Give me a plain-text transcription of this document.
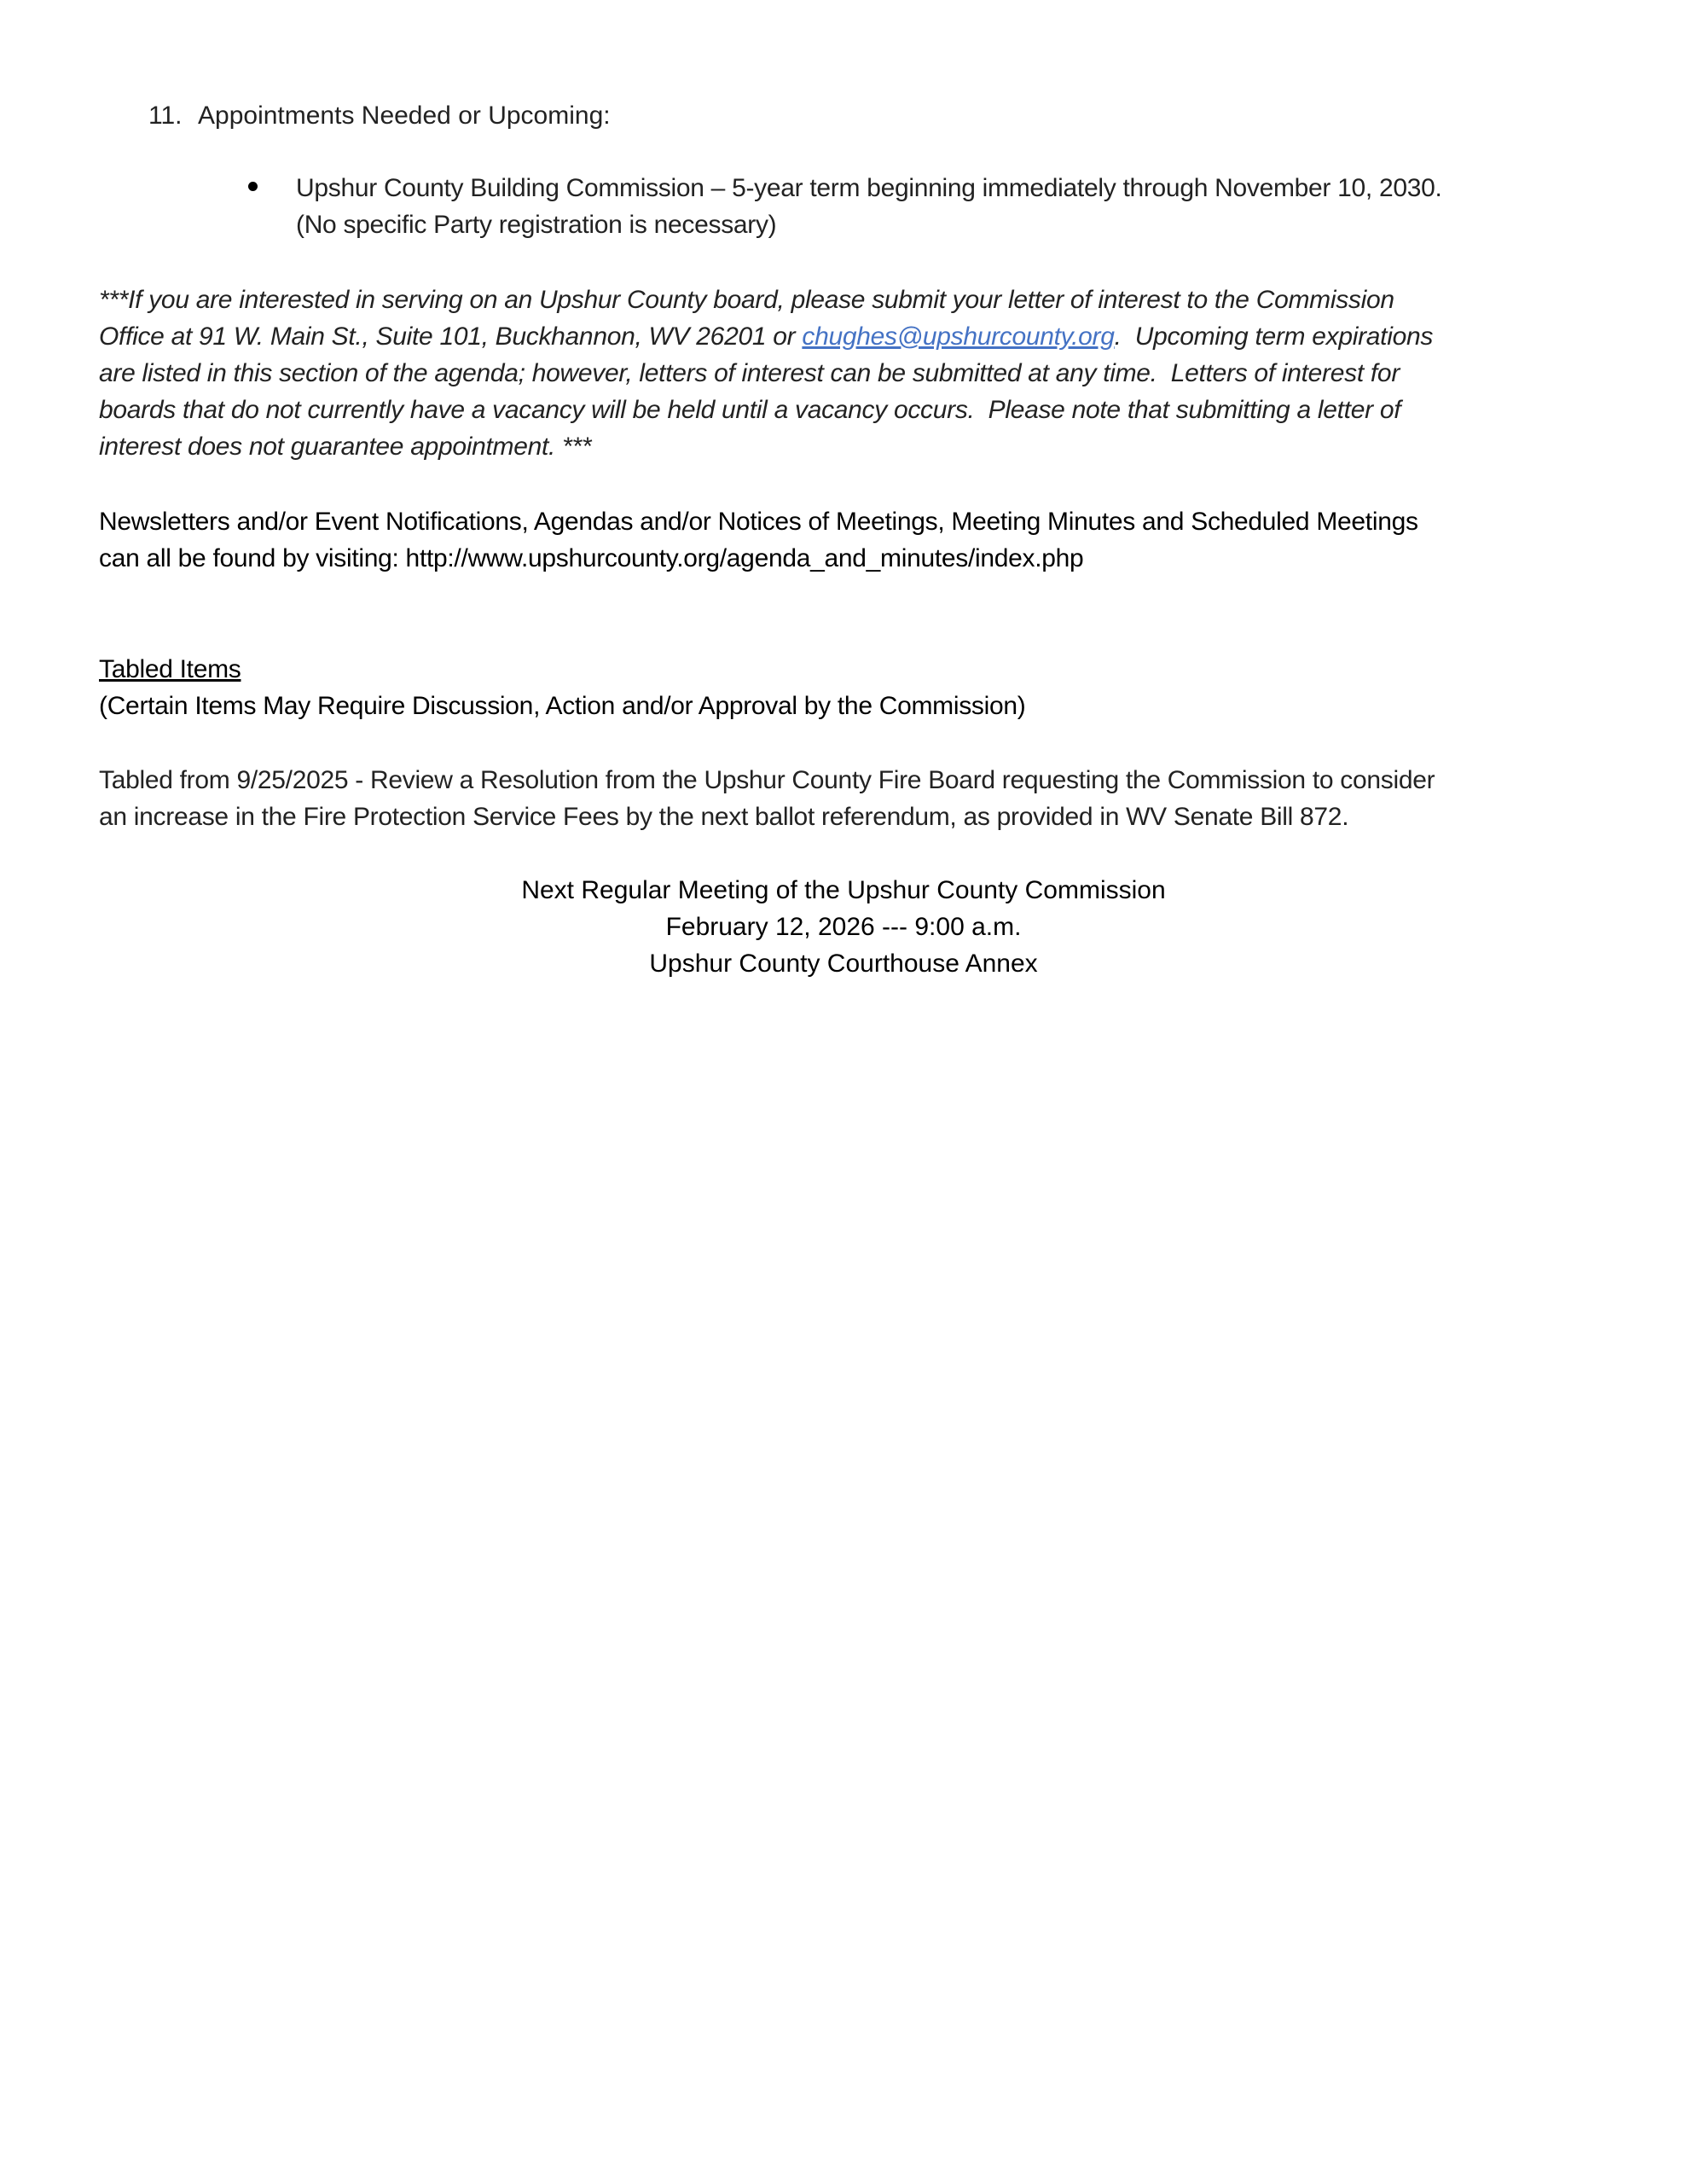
11. Appointments Needed or Upcoming:
Upshur County Building Commission – 5-year term beginning immediately through November 10, 2030.
(No specific Party registration is necessary)
***If you are interested in serving on an Upshur County board, please submit your letter of interest to the Commission
Office at 91 W. Main St., Suite 101, Buckhannon, WV 26201 or chughes@upshurcounty.org.  Upcoming term expirations
are listed in this section of the agenda; however, letters of interest can be submitted at any time.  Letters of interest for
boards that do not currently have a vacancy will be held until a vacancy occurs.  Please note that submitting a letter of
interest does not guarantee appointment. ***
Newsletters and/or Event Notifications, Agendas and/or Notices of Meetings, Meeting Minutes and Scheduled Meetings
can all be found by visiting: http://www.upshurcounty.org/agenda_and_minutes/index.php
Tabled Items
(Certain Items May Require Discussion, Action and/or Approval by the Commission)
Tabled from 9/25/2025 - Review a Resolution from the Upshur County Fire Board requesting the Commission to consider
an increase in the Fire Protection Service Fees by the next ballot referendum, as provided in WV Senate Bill 872.
Next Regular Meeting of the Upshur County Commission
February 12, 2026 --- 9:00 a.m.
Upshur County Courthouse Annex
